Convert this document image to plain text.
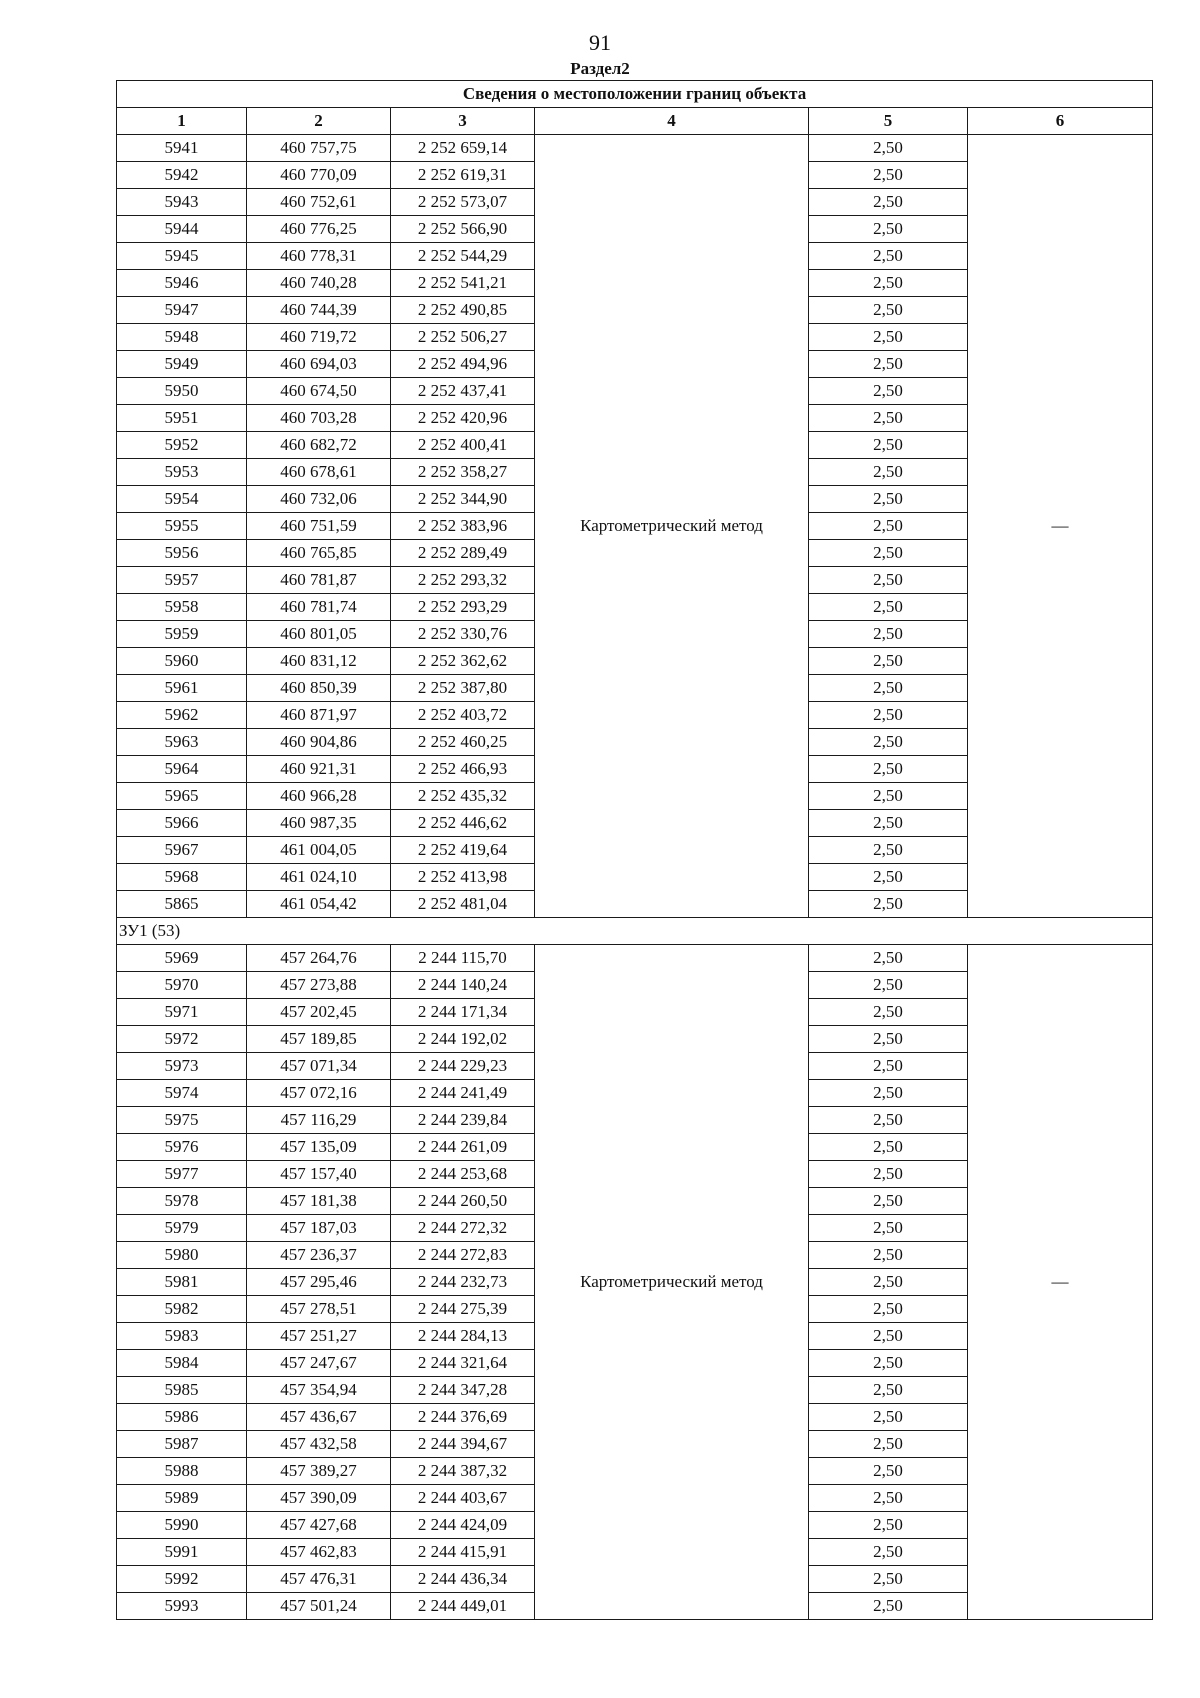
91
Раздел2
Сведения о местоположении границ объекта					
1	2	3	4	5	6
5941	460 757,75	2 252 659,14	Картометрический метод	2,50	—
5942	460 770,09	2 252 619,31		2,50	
5943	460 752,61	2 252 573,07		2,50	
5944	460 776,25	2 252 566,90		2,50	
5945	460 778,31	2 252 544,29		2,50	
5946	460 740,28	2 252 541,21		2,50	
5947	460 744,39	2 252 490,85		2,50	
5948	460 719,72	2 252 506,27		2,50	
5949	460 694,03	2 252 494,96		2,50	
5950	460 674,50	2 252 437,41		2,50	
5951	460 703,28	2 252 420,96		2,50	
5952	460 682,72	2 252 400,41		2,50	
5953	460 678,61	2 252 358,27		2,50	
5954	460 732,06	2 252 344,90		2,50	
5955	460 751,59	2 252 383,96		2,50	
5956	460 765,85	2 252 289,49		2,50	
5957	460 781,87	2 252 293,32		2,50	
5958	460 781,74	2 252 293,29		2,50	
5959	460 801,05	2 252 330,76		2,50	
5960	460 831,12	2 252 362,62		2,50	
5961	460 850,39	2 252 387,80		2,50	
5962	460 871,97	2 252 403,72		2,50	
5963	460 904,86	2 252 460,25		2,50	
5964	460 921,31	2 252 466,93		2,50	
5965	460 966,28	2 252 435,32		2,50	
5966	460 987,35	2 252 446,62		2,50	
5967	461 004,05	2 252 419,64		2,50	
5968	461 024,10	2 252 413,98		2,50	
5865	461 054,42	2 252 481,04		2,50	
ЗУ1 (53)					
5969	457 264,76	2 244 115,70	Картометрический метод	2,50	—
5970	457 273,88	2 244 140,24		2,50	
5971	457 202,45	2 244 171,34		2,50	
5972	457 189,85	2 244 192,02		2,50	
5973	457 071,34	2 244 229,23		2,50	
5974	457 072,16	2 244 241,49		2,50	
5975	457 116,29	2 244 239,84		2,50	
5976	457 135,09	2 244 261,09		2,50	
5977	457 157,40	2 244 253,68		2,50	
5978	457 181,38	2 244 260,50		2,50	
5979	457 187,03	2 244 272,32		2,50	
5980	457 236,37	2 244 272,83		2,50	
5981	457 295,46	2 244 232,73		2,50	
5982	457 278,51	2 244 275,39		2,50	
5983	457 251,27	2 244 284,13		2,50	
5984	457 247,67	2 244 321,64		2,50	
5985	457 354,94	2 244 347,28		2,50	
5986	457 436,67	2 244 376,69		2,50	
5987	457 432,58	2 244 394,67		2,50	
5988	457 389,27	2 244 387,32		2,50	
5989	457 390,09	2 244 403,67		2,50	
5990	457 427,68	2 244 424,09		2,50	
5991	457 462,83	2 244 415,91		2,50	
5992	457 476,31	2 244 436,34		2,50	
5993	457 501,24	2 244 449,01		2,50	
